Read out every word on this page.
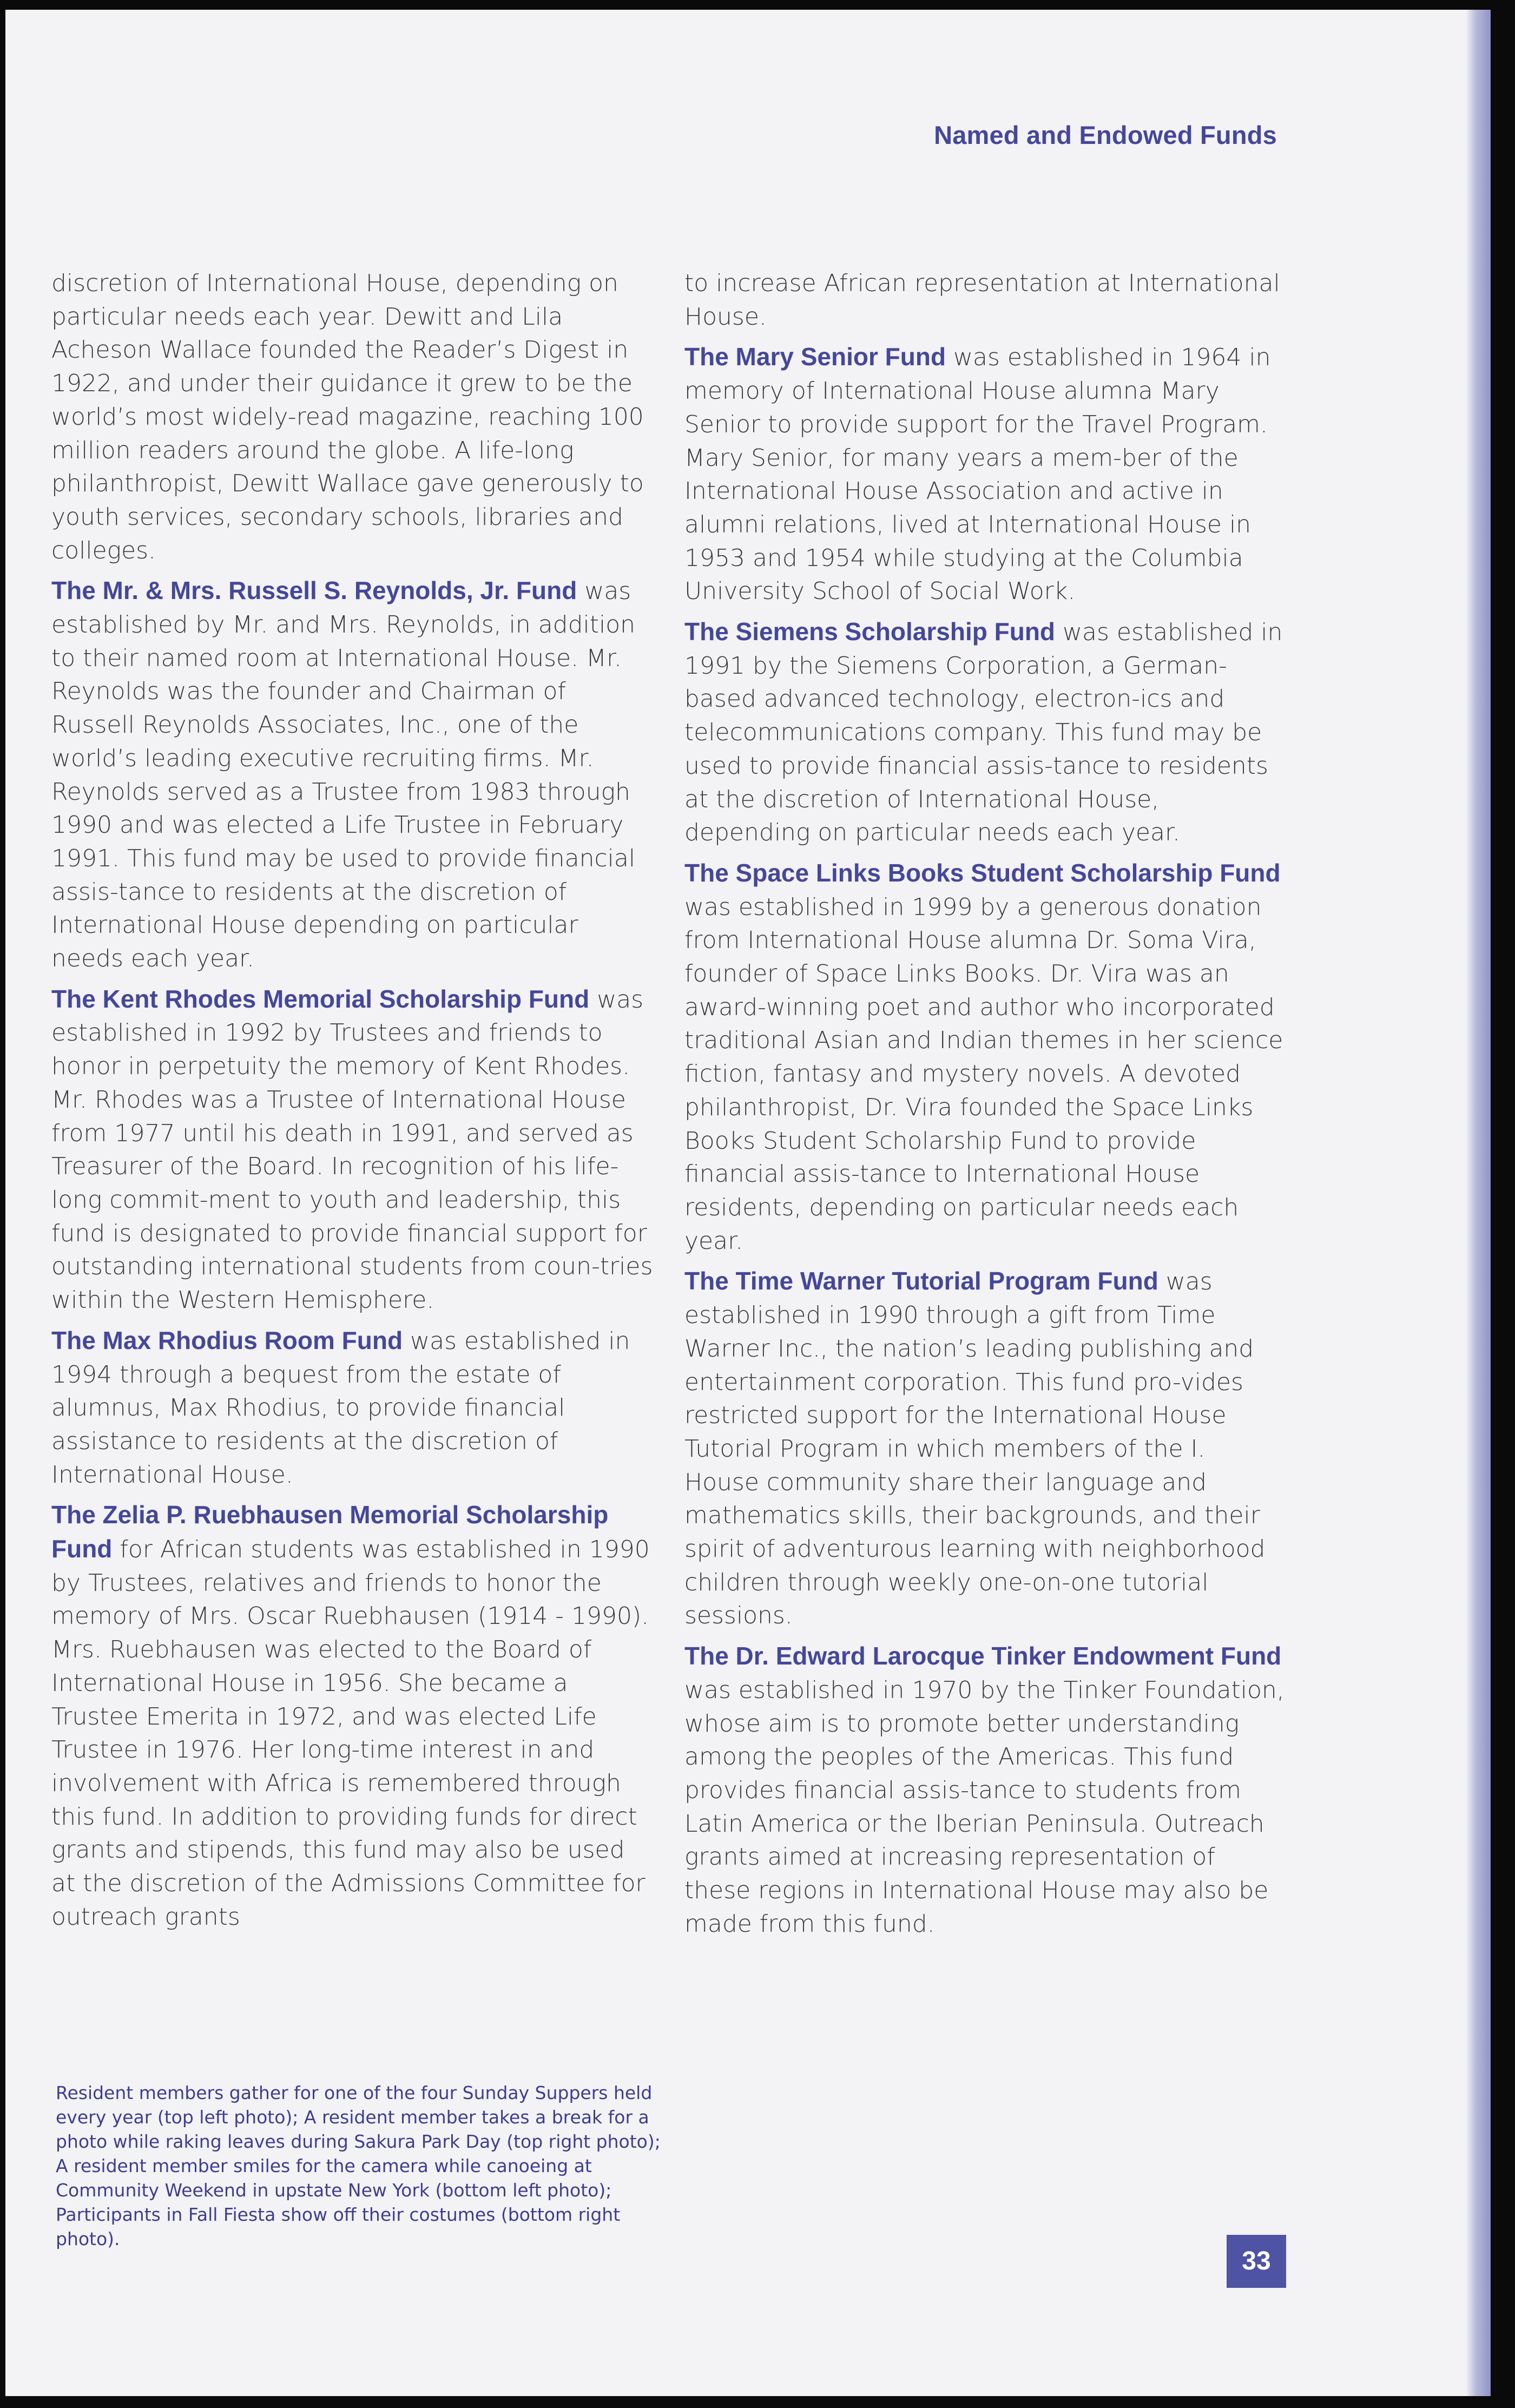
Named and Endowed Funds

discretion of International House, depending on particular needs each year. Dewitt and Lila Acheson Wallace founded the Reader’s Digest in 1922, and under their guidance it grew to be the world’s most widely-read magazine, reaching 100 million readers around the globe. A life-long philanthropist, Dewitt Wallace gave generously to youth services, secondary schools, libraries and colleges.

The Mr. & Mrs. Russell S. Reynolds, Jr. Fund was established by Mr. and Mrs. Reynolds, in addition to their named room at International House. Mr. Reynolds was the founder and Chairman of Russell Reynolds Associates, Inc., one of the world’s leading executive recruiting firms. Mr. Reynolds served as a Trustee from 1983 through 1990 and was elected a Life Trustee in February 1991. This fund may be used to provide financial assis-tance to residents at the discretion of International House depending on particular needs each year.

The Kent Rhodes Memorial Scholarship Fund was established in 1992 by Trustees and friends to honor in perpetuity the memory of Kent Rhodes. Mr. Rhodes was a Trustee of International House from 1977 until his death in 1991, and served as Treasurer of the Board. In recognition of his life-long commit-ment to youth and leadership, this fund is designated to provide financial support for outstanding international students from coun-tries within the Western Hemisphere.

The Max Rhodius Room Fund was established in 1994 through a bequest from the estate of alumnus, Max Rhodius, to provide financial assistance to residents at the discretion of International House.

The Zelia P. Ruebhausen Memorial Scholarship Fund for African students was established in 1990 by Trustees, relatives and friends to honor the memory of Mrs. Oscar Ruebhausen (1914 - 1990). Mrs. Ruebhausen was elected to the Board of International House in 1956. She became a Trustee Emerita in 1972, and was elected Life Trustee in 1976. Her long-time interest in and involvement with Africa is remembered through this fund. In addition to providing funds for direct grants and stipends, this fund may also be used at the discretion of the Admissions Committee for outreach grants

to increase African representation at International House.

The Mary Senior Fund was established in 1964 in memory of International House alumna Mary Senior to provide support for the Travel Program. Mary Senior, for many years a mem-ber of the International House Association and active in alumni relations, lived at International House in 1953 and 1954 while studying at the Columbia University School of Social Work.

The Siemens Scholarship Fund was established in 1991 by the Siemens Corporation, a German-based advanced technology, electron-ics and telecommunications company. This fund may be used to provide financial assis-tance to residents at the discretion of International House, depending on particular needs each year.

The Space Links Books Student Scholarship Fund was established in 1999 by a generous donation from International House alumna Dr. Soma Vira, founder of Space Links Books. Dr. Vira was an award-winning poet and author who incorporated traditional Asian and Indian themes in her science fiction, fantasy and mystery novels. A devoted philanthropist, Dr. Vira founded the Space Links Books Student Scholarship Fund to provide financial assis-tance to International House residents, depending on particular needs each year.

The Time Warner Tutorial Program Fund was established in 1990 through a gift from Time Warner Inc., the nation’s leading publishing and entertainment corporation. This fund pro-vides restricted support for the International House Tutorial Program in which members of the I. House community share their language and mathematics skills, their backgrounds, and their spirit of adventurous learning with neighborhood children through weekly one-on-one tutorial sessions.

The Dr. Edward Larocque Tinker Endowment Fund was established in 1970 by the Tinker Foundation, whose aim is to promote better understanding among the peoples of the Americas. This fund provides financial assis-tance to students from Latin America or the Iberian Peninsula. Outreach grants aimed at increasing representation of these regions in International House may also be made from this fund.

Resident members gather for one of the four Sunday Suppers held every year (top left photo); A resident member takes a break for a photo while raking leaves during Sakura Park Day (top right photo); A resident member smiles for the camera while canoeing at Community Weekend in upstate New York (bottom left photo); Participants in Fall Fiesta show off their costumes (bottom right photo).
33
